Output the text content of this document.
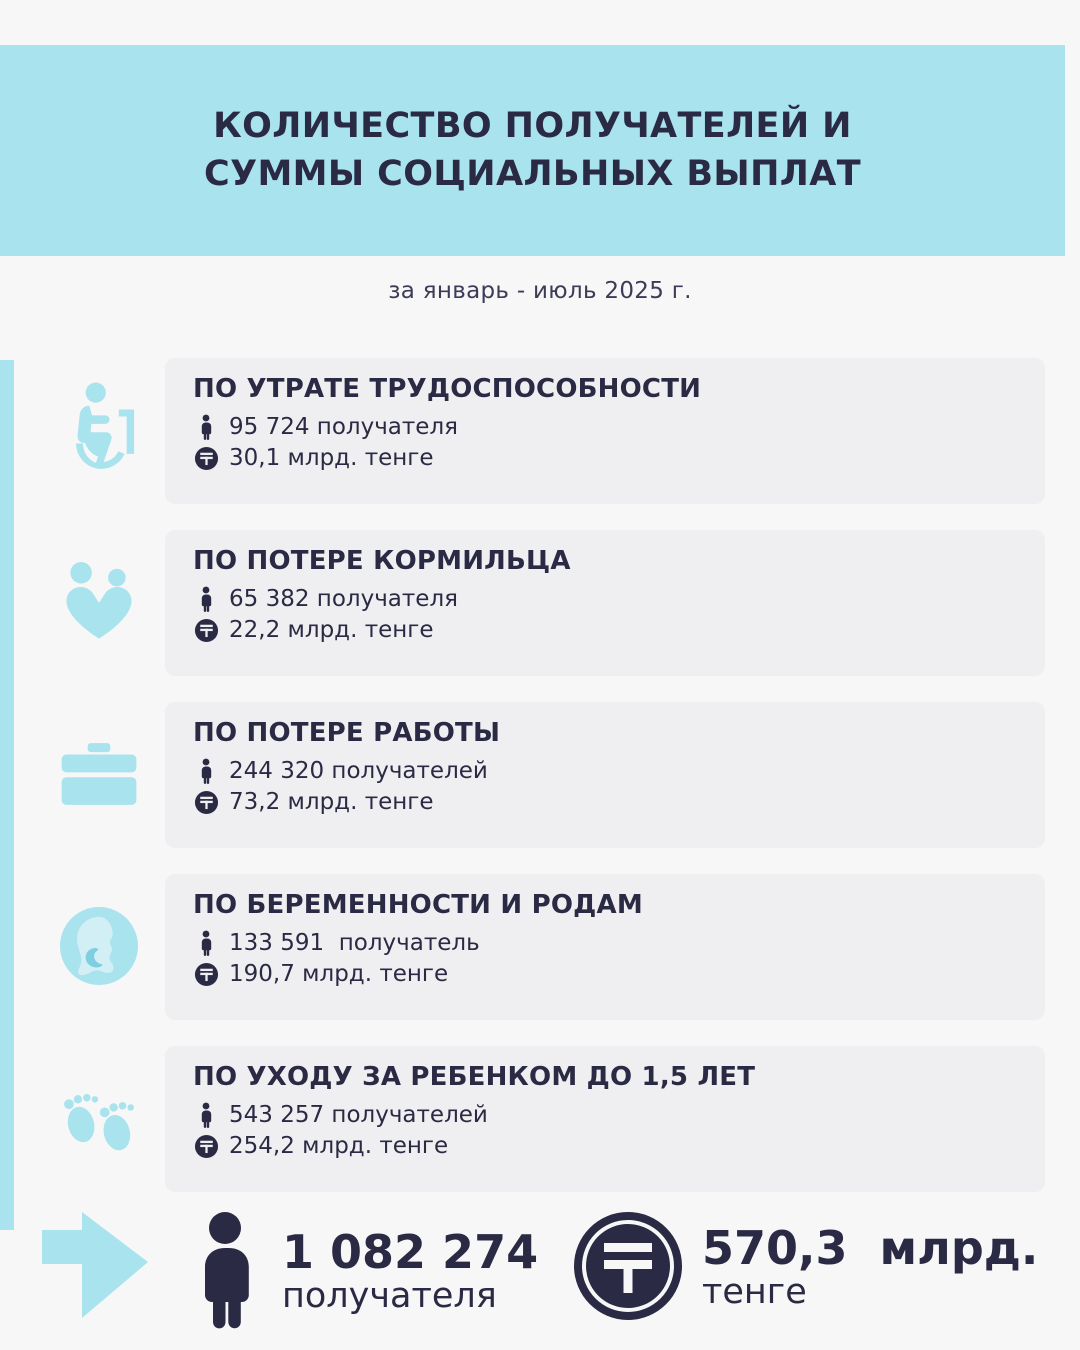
КОЛИЧЕСТВО ПОЛУЧАТЕЛЕЙ И
СУММЫ СОЦИАЛЬНЫХ ВЫПЛАТ
за январь - июль 2025 г.
ПО УТРАТЕ ТРУДОСПОСОБНОСТИ
95 724 получателя
30,1 млрд. тенге
ПО ПОТЕРЕ КОРМИЛЬЦА
65 382 получателя
22,2 млрд. тенге
ПО ПОТЕРЕ РАБОТЫ
244 320 получателей
73,2 млрд. тенге
ПО БЕРЕМЕННОСТИ И РОДАМ
133 591  получатель
190,7 млрд. тенге
ПО УХОДУ ЗА РЕБЕНКОМ ДО 1,5 ЛЕТ
543 257 получателей
254,2 млрд. тенге
1 082 274
получателя
570,3  млрд.
тенге
